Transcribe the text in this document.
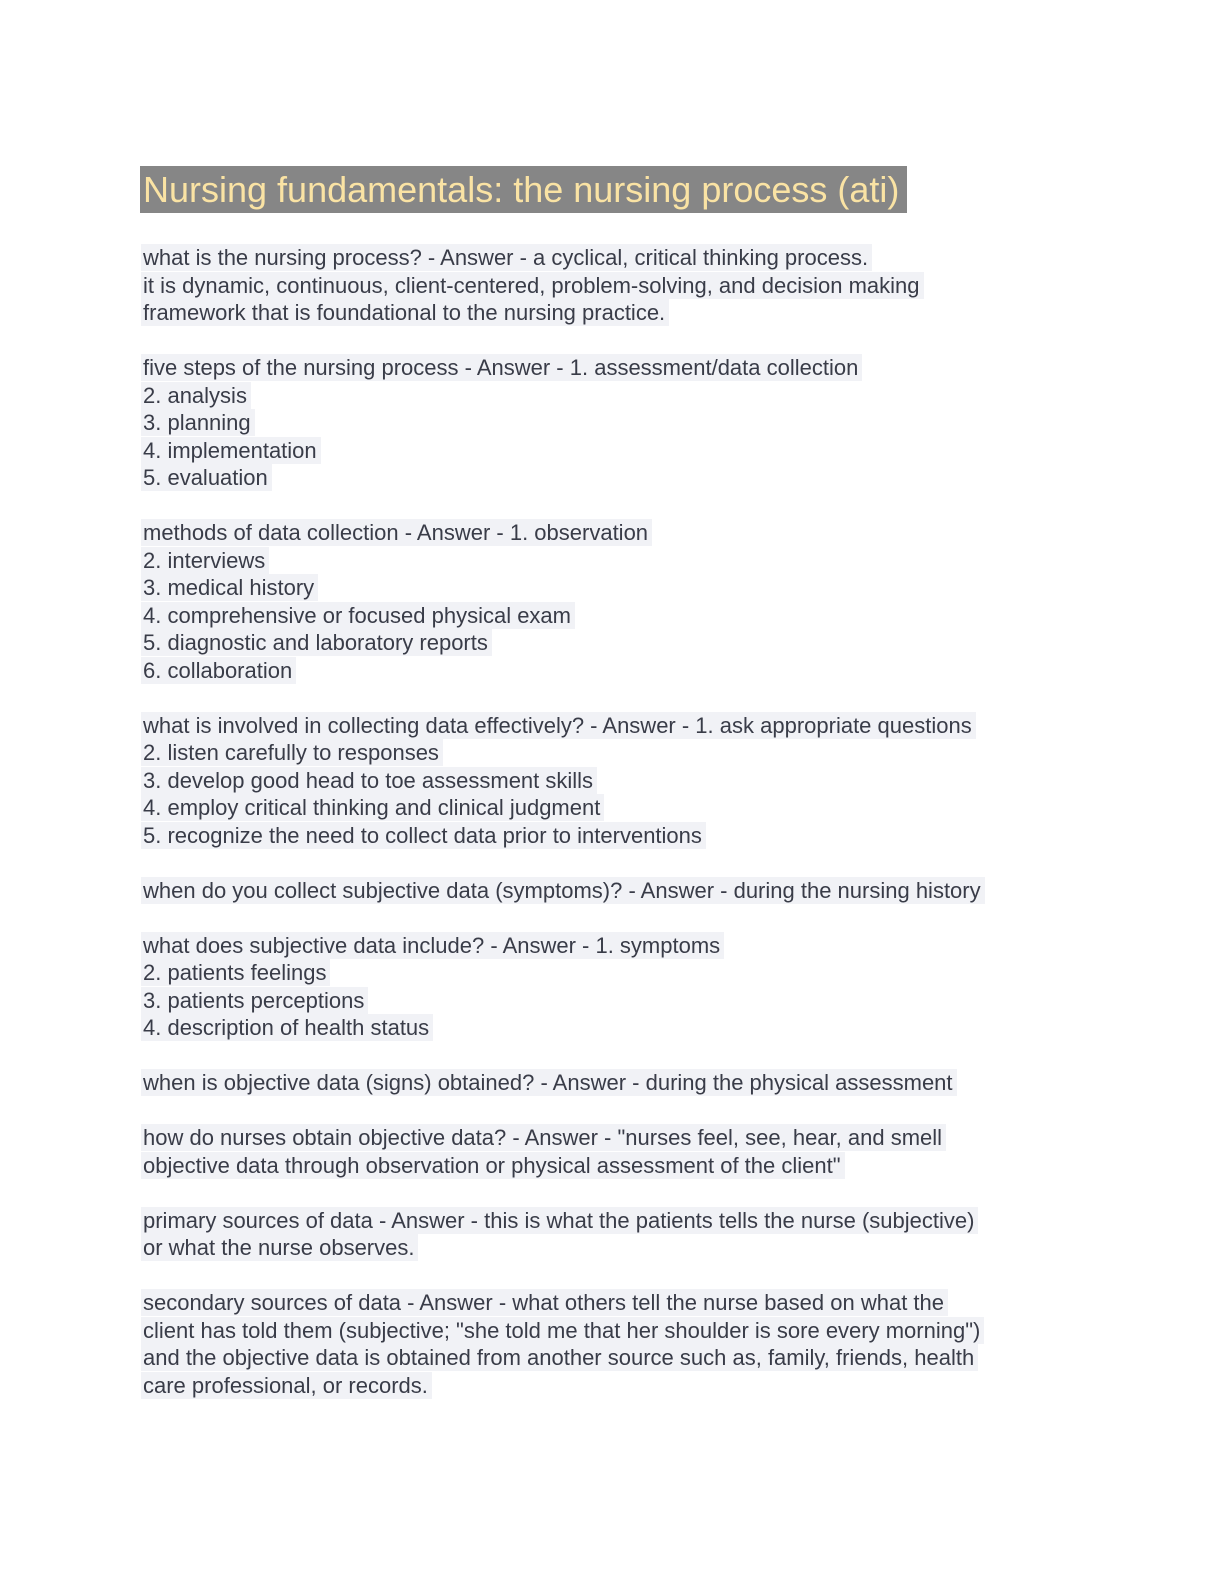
Nursing fundamentals: the nursing process (ati)
what is the nursing process? - Answer - a cyclical, critical thinking process.
it is dynamic, continuous, client-centered, problem-solving, and decision making
framework that is foundational to the nursing practice.
five steps of the nursing process - Answer - 1. assessment/data collection
2. analysis
3. planning
4. implementation
5. evaluation
methods of data collection - Answer - 1. observation
2. interviews
3. medical history
4. comprehensive or focused physical exam
5. diagnostic and laboratory reports
6. collaboration
what is involved in collecting data effectively? - Answer - 1. ask appropriate questions
2. listen carefully to responses
3. develop good head to toe assessment skills
4. employ critical thinking and clinical judgment
5. recognize the need to collect data prior to interventions
when do you collect subjective data (symptoms)? - Answer - during the nursing history
what does subjective data include? - Answer - 1. symptoms
2. patients feelings
3. patients perceptions
4. description of health status
when is objective data (signs) obtained? - Answer - during the physical assessment
how do nurses obtain objective data? - Answer - "nurses feel, see, hear, and smell
objective data through observation or physical assessment of the client"
primary sources of data - Answer - this is what the patients tells the nurse (subjective)
or what the nurse observes.
secondary sources of data - Answer - what others tell the nurse based on what the
client has told them (subjective; "she told me that her shoulder is sore every morning")
and the objective data is obtained from another source such as, family, friends, health
care professional, or records.
